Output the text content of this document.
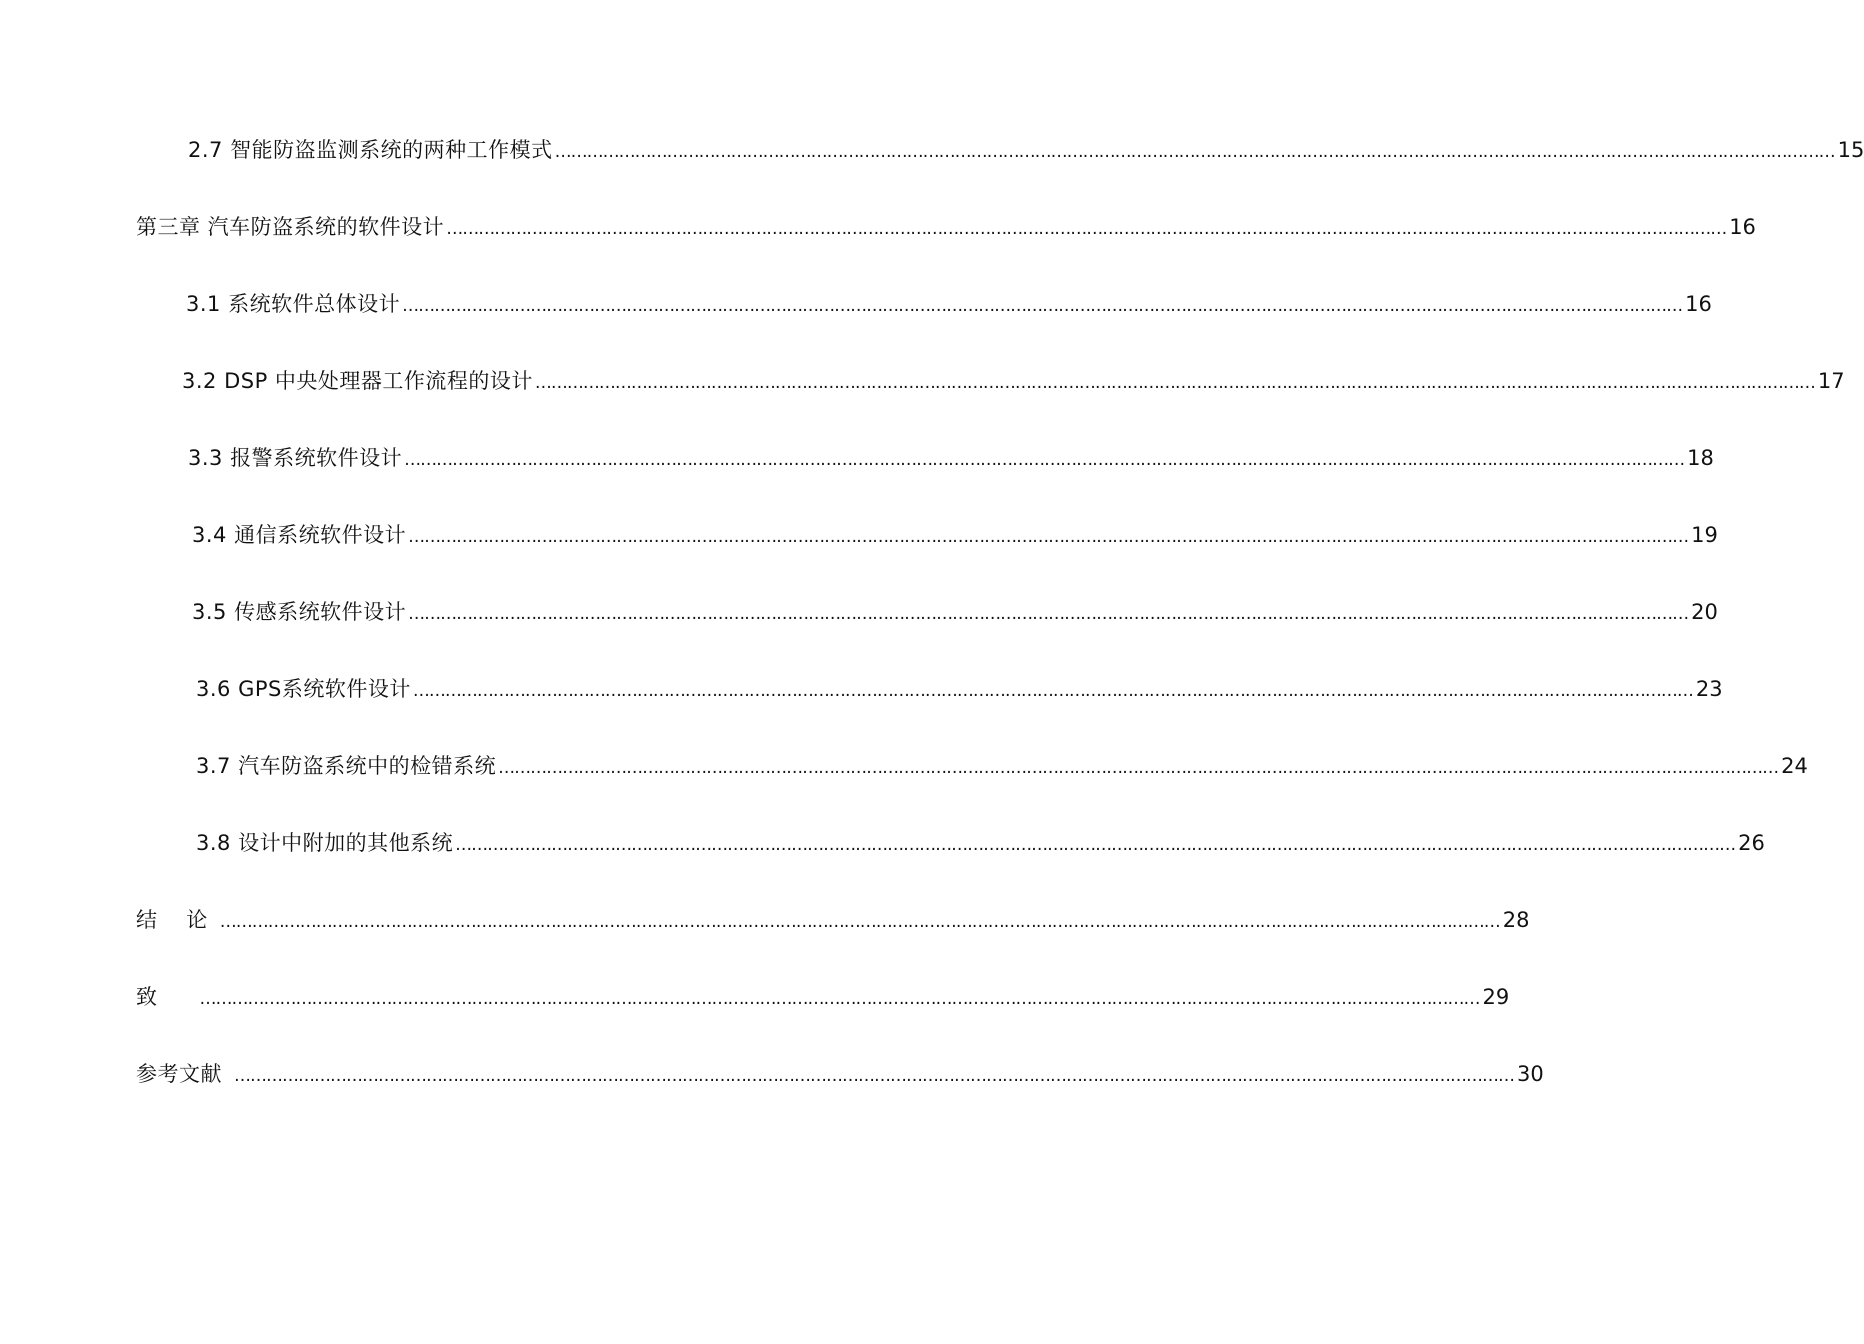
2.7 智能防盗监测系统的两种工作模式 …………………………………………………………………………………………………………………………………………………………………………………………………………………… 15
第三章 汽车防盗系统的软件设计 …………………………………………………………………………………………………………………………………………………………………………………………………………………… 16
3.1 系统软件总体设计 …………………………………………………………………………………………………………………………………………………………………………………………………………………… 16
3.2 DSP 中央处理器工作流程的设计 …………………………………………………………………………………………………………………………………………………………………………………………………………………… 17
3.3 报警系统软件设计 …………………………………………………………………………………………………………………………………………………………………………………………………………………… 18
3.4 通信系统软件设计 …………………………………………………………………………………………………………………………………………………………………………………………………………………… 19
3.5 传感系统软件设计 …………………………………………………………………………………………………………………………………………………………………………………………………………………… 20
3.6 GPS系统软件设计 …………………………………………………………………………………………………………………………………………………………………………………………………………………… 23
3.7 汽车防盗系统中的检错系统 …………………………………………………………………………………………………………………………………………………………………………………………………………………… 24
3.8 设计中附加的其他系统 …………………………………………………………………………………………………………………………………………………………………………………………………………………… 26
结    论 …………………………………………………………………………………………………………………………………………………………………………………………………………………… 28
致 …………………………………………………………………………………………………………………………………………………………………………………………………………………… 29
参考文献 …………………………………………………………………………………………………………………………………………………………………………………………………………………… 30
